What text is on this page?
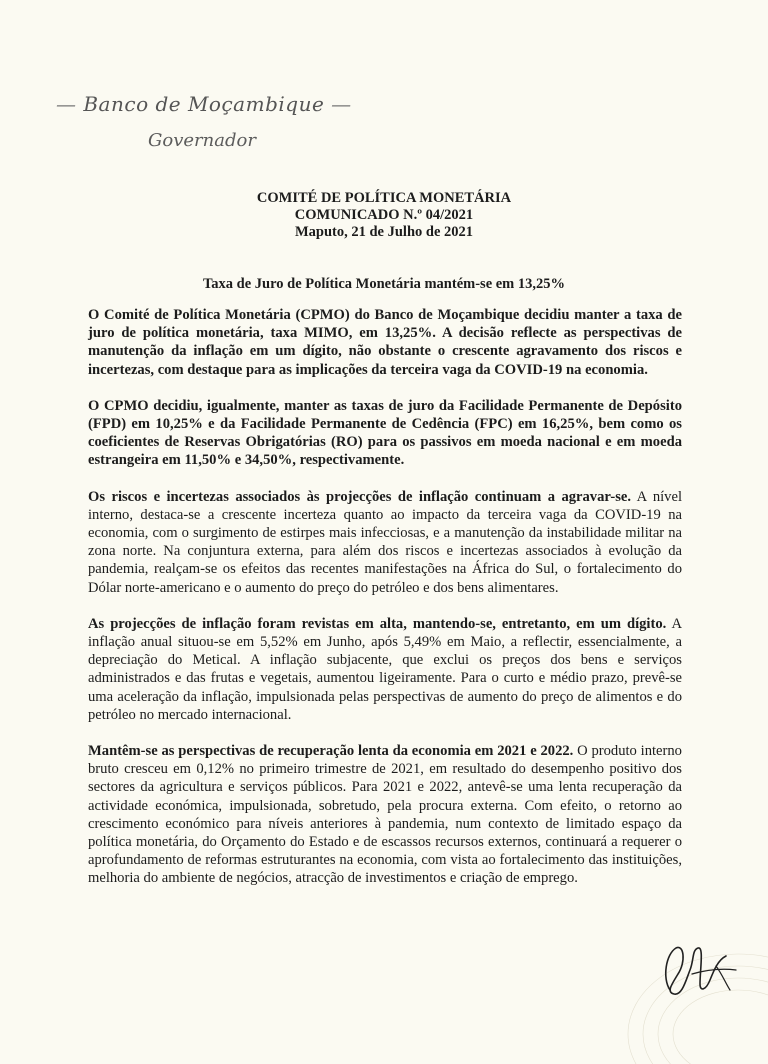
— Banco de Moçambique —
Governador
COMITÉ DE POLÍTICA MONETÁRIA
COMUNICADO N.º 04/2021
Maputo, 21 de Julho de 2021
Taxa de Juro de Política Monetária mantém-se em 13,25%

O Comité de Política Monetária (CPMO) do Banco de Moçambique decidiu manter a taxa de juro de política monetária, taxa MIMO, em 13,25%. A decisão reflecte as perspectivas de manutenção da inflação em um dígito, não obstante o crescente agravamento dos riscos e incertezas, com destaque para as implicações da terceira vaga da COVID-19 na economia.

O CPMO decidiu, igualmente, manter as taxas de juro da Facilidade Permanente de Depósito (FPD) em 10,25% e da Facilidade Permanente de Cedência (FPC) em 16,25%, bem como os coeficientes de Reservas Obrigatórias (RO) para os passivos em moeda nacional e em moeda estrangeira em 11,50% e 34,50%, respectivamente.

Os riscos e incertezas associados às projecções de inflação continuam a agravar-se. A nível interno, destaca-se a crescente incerteza quanto ao impacto da terceira vaga da COVID-19 na economia, com o surgimento de estirpes mais infecciosas, e a manutenção da instabilidade militar na zona norte. Na conjuntura externa, para além dos riscos e incertezas associados à evolução da pandemia, realçam-se os efeitos das recentes manifestações na África do Sul, o fortalecimento do Dólar norte-americano e o aumento do preço do petróleo e dos bens alimentares.

As projecções de inflação foram revistas em alta, mantendo-se, entretanto, em um dígito. A inflação anual situou-se em 5,52% em Junho, após 5,49% em Maio, a reflectir, essencialmente, a depreciação do Metical. A inflação subjacente, que exclui os preços dos bens e serviços administrados e das frutas e vegetais, aumentou ligeiramente. Para o curto e médio prazo, prevê-se uma aceleração da inflação, impulsionada pelas perspectivas de aumento do preço de alimentos e do petróleo no mercado internacional.

Mantêm-se as perspectivas de recuperação lenta da economia em 2021 e 2022. O produto interno bruto cresceu em 0,12% no primeiro trimestre de 2021, em resultado do desempenho positivo dos sectores da agricultura e serviços públicos. Para 2021 e 2022, antevê-se uma lenta recuperação da actividade económica, impulsionada, sobretudo, pela procura externa. Com efeito, o retorno ao crescimento económico para níveis anteriores à pandemia, num contexto de limitado espaço da política monetária, do Orçamento do Estado e de escassos recursos externos, continuará a requerer o aprofundamento de reformas estruturantes na economia, com vista ao fortalecimento das instituições, melhoria do ambiente de negócios, atracção de investimentos e criação de emprego.
